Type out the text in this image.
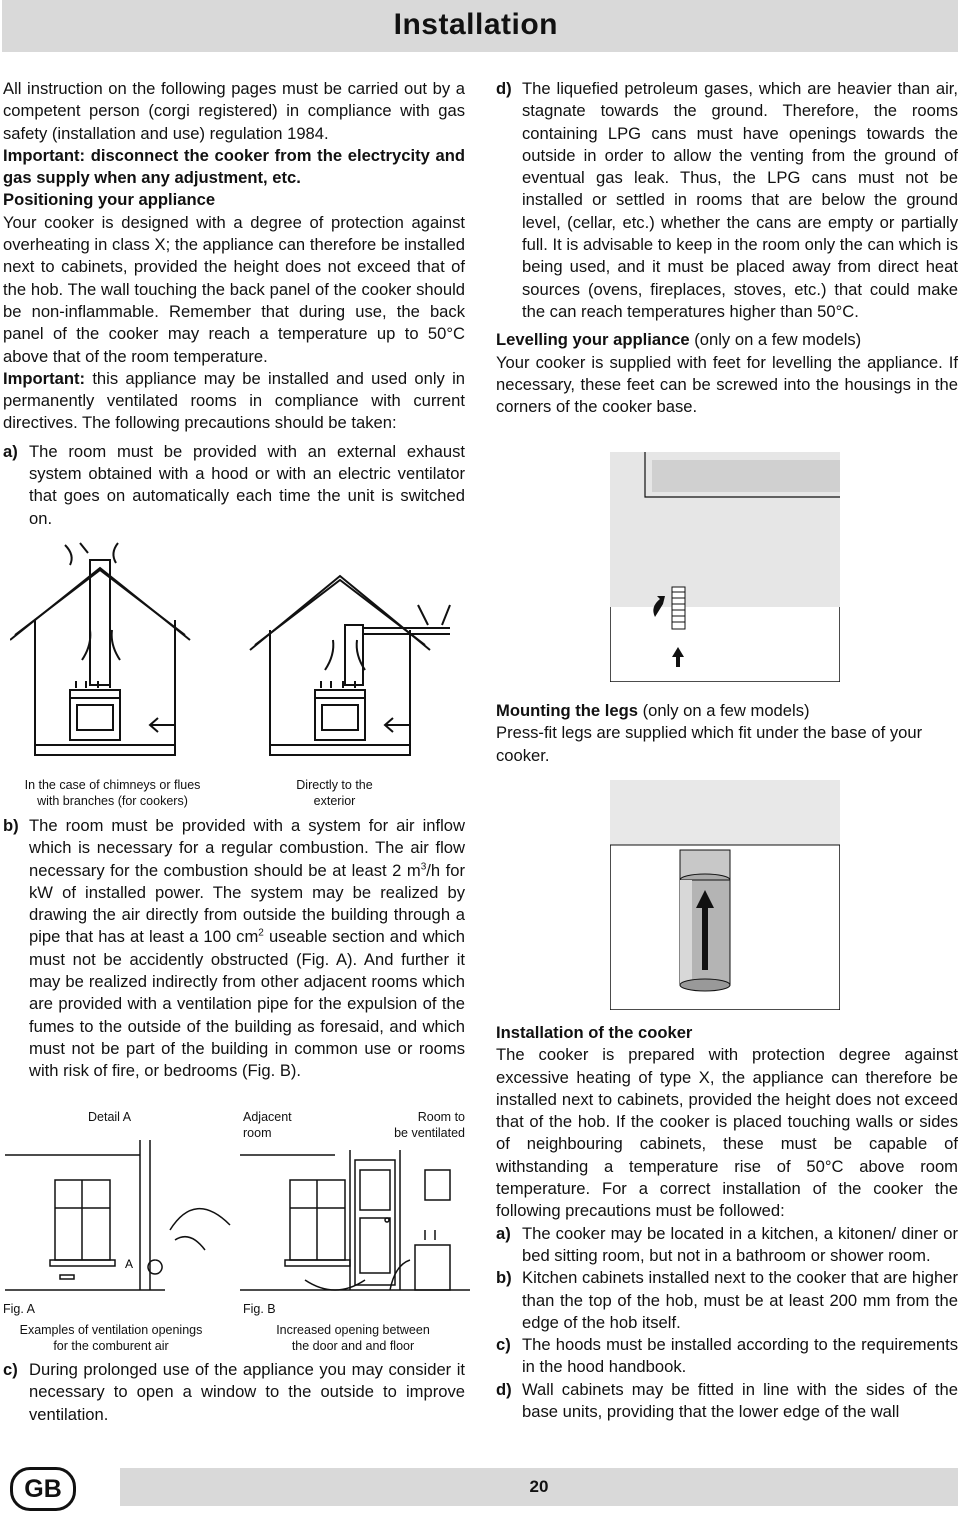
Installation

All instruction on the following pages must be carried out by a competent person (corgi registered) in compliance with gas safety (installation and use) regulation 1984.

Important: disconnect the cooker from the electrycity and gas supply when any adjustment, etc.

Positioning your appliance

Your cooker is designed with a degree of protection against overheating in class X; the appliance can therefore be installed next to cabinets, provided the height does not exceed that of the hob. The wall touching the back panel of the cooker should be non-inflammable. Remember that during use, the back panel of the cooker may reach a temperature up to 50°C above that of the room temperature.

Important: this appliance may be installed and used only in permanently ventilated rooms in compliance with current directives. The following precautions should be taken:

a) The room must be provided with an external exhaust system obtained with a hood or with an electric ventilator that goes on automatically each time the unit is switched on.
In the case of chimneys or flues
with branches (for cookers)
Directly to the
exterior
b) The room must be provided with a system for air inflow which is necessary for a regular combustion. The air flow necessary for the combustion should be at least 2 $m^3/h$ for kW of installed power. The system may be realized by drawing the air directly from outside the building through a pipe that has at least a 100 $cm^2$ useable section and which must not be accidently obstructed (Fig. A). And further it may be realized indirectly from other adjacent rooms which are provided with a ventilation pipe for the expulsion of the fumes to the outside of the building as foresaid, and which must not be part of the building in common use or rooms with risk of fire, or bedrooms (Fig. B).
Detail A	Adjacent
room
Room to
be ventilated
A
Fig. A	Fig. B
Examples of ventilation openings
for the comburent air
Increased opening between
the door and and floor
c) During prolonged use of the appliance you may consider it necessary to open a window to the outside to improve ventilation.
d) The liquefied petroleum gases, which are heavier than air, stagnate towards the ground. Therefore, the rooms containing LPG cans must have openings towards the outside in order to allow the venting from the ground of eventual gas leak. Thus, the LPG cans must not be installed or settled in rooms that are below the ground level, (cellar, etc.) whether the cans are empty or partially full. It is advisable to keep in the room only the can which is being used, and it must be placed away from direct heat sources (ovens, fireplaces, stoves, etc.) that could make the can reach temperatures higher than 50°C.

Levelling your appliance (only on a few models)

Your cooker is supplied with feet for levelling the appliance. If necessary, these feet can be screwed into the housings in the corners of the cooker base.

Mounting the legs (only on a few models)

Press-fit legs are supplied which fit under the base of your cooker.

Installation of the cooker

The cooker is prepared with protection degree against excessive heating of type X, the appliance can therefore be installed next to cabinets, provided the height does not exceed that of the hob. If the cooker is placed touching walls or sides of neighbouring cabinets, these must be capable of withstanding a temperature rise of 50°C above room temperature. For a correct installation of the cooker the following precautions must be followed:

a) The cooker may be located in a kitchen, a kitonen/ diner or bed sitting room, but not in a bathroom or shower room.
b) Kitchen cabinets installed next to the cooker that are higher than the top of the hob, must be at least 200 mm from the edge of the hob itself.
c) The hoods must be installed according to the requirements in the hood handbook.
d) Wall cabinets may be fitted in line with the sides of the base units, providing that the lower edge of the wall
GB	20
